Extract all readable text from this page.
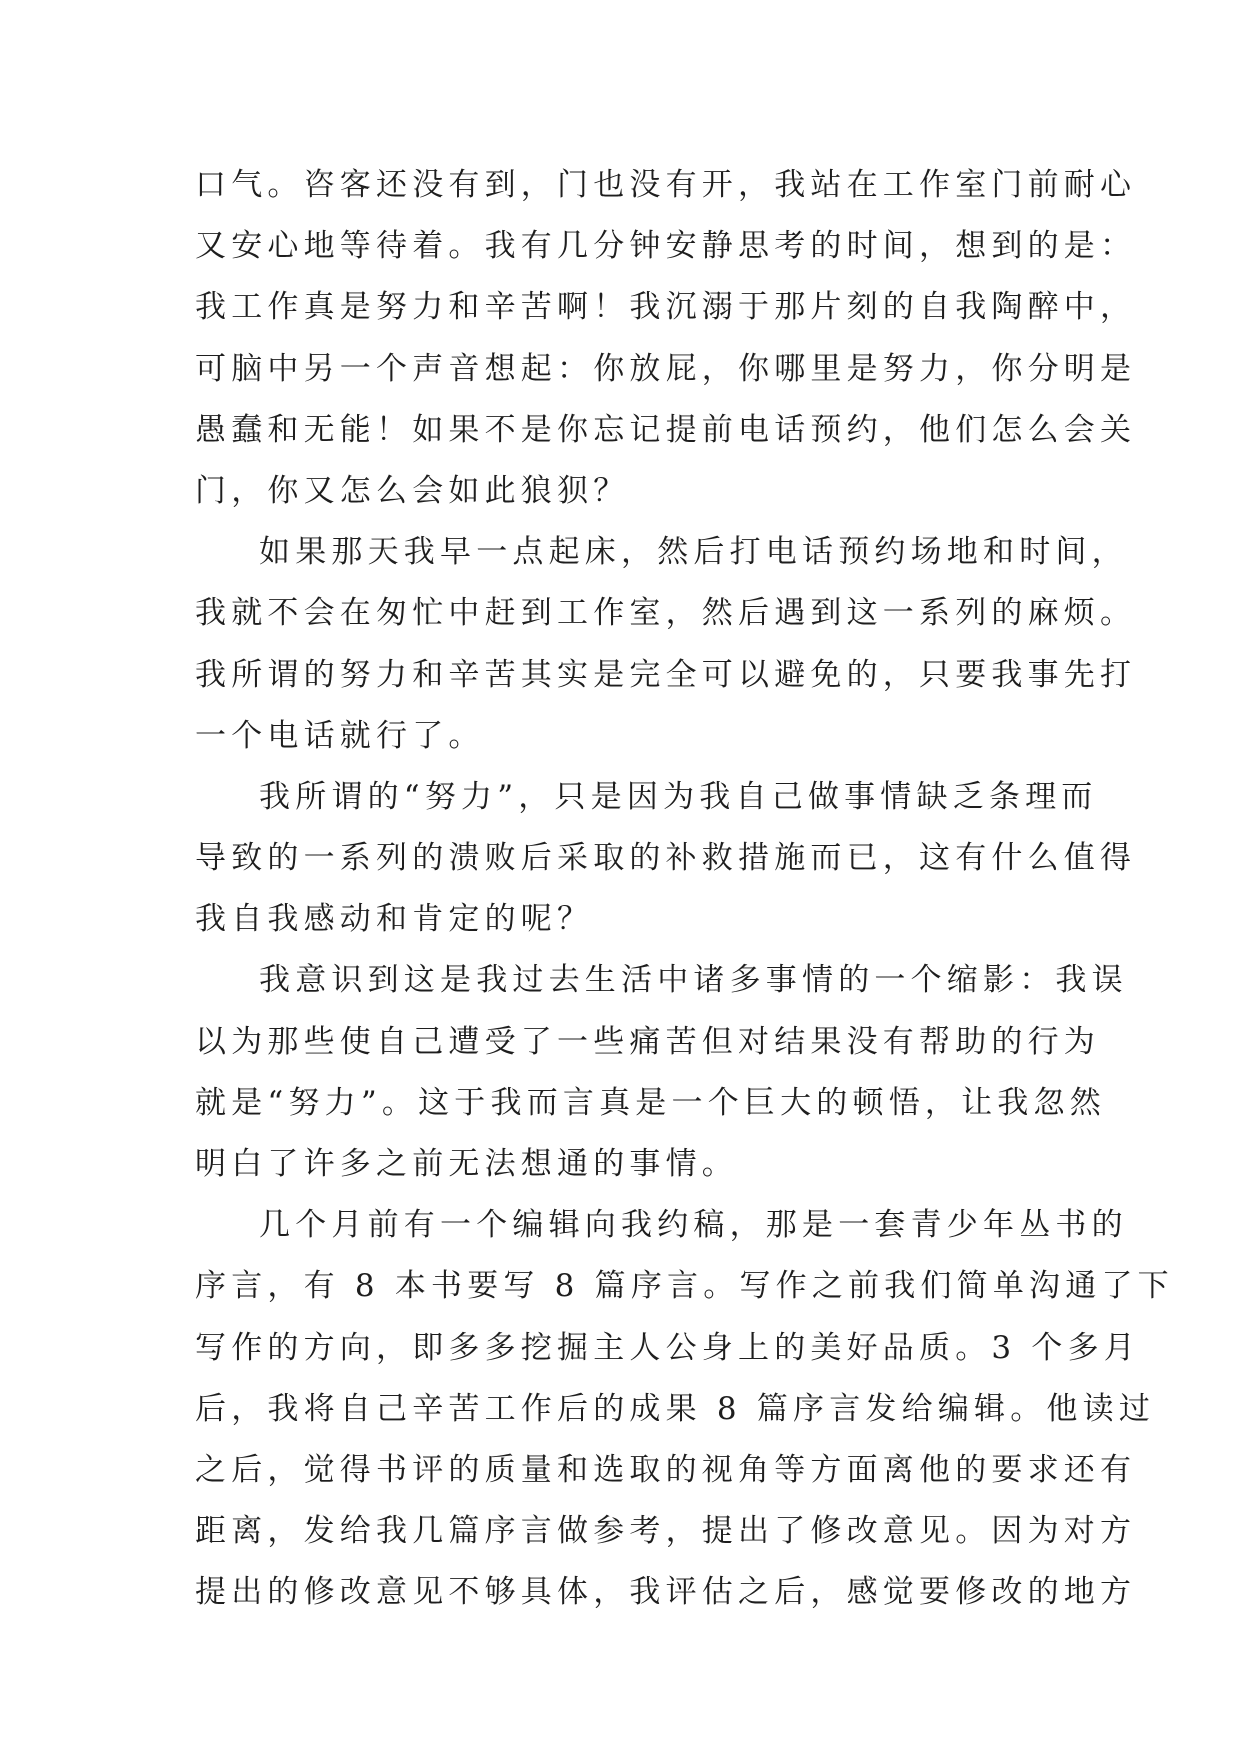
口气。咨客还没有到，门也没有开，我站在工作室门前耐心
又安心地等待着。我有几分钟安静思考的时间，想到的是：
我工作真是努力和辛苦啊！我沉溺于那片刻的自我陶醉中，
可脑中另一个声音想起：你放屁，你哪里是努力，你分明是
愚蠢和无能！如果不是你忘记提前电话预约，他们怎么会关
门，你又怎么会如此狼狈？
如果那天我早一点起床，然后打电话预约场地和时间，
我就不会在匆忙中赶到工作室，然后遇到这一系列的麻烦。
我所谓的努力和辛苦其实是完全可以避免的，只要我事先打
一个电话就行了。
我所谓的“努力”，只是因为我自己做事情缺乏条理而
导致的一系列的溃败后采取的补救措施而已，这有什么值得
我自我感动和肯定的呢？
我意识到这是我过去生活中诸多事情的一个缩影：我误
以为那些使自己遭受了一些痛苦但对结果没有帮助的行为
就是“努力”。这于我而言真是一个巨大的顿悟，让我忽然
明白了许多之前无法想通的事情。
几个月前有一个编辑向我约稿，那是一套青少年丛书的
序言，有 8 本书要写 8 篇序言。写作之前我们简单沟通了下
写作的方向，即多多挖掘主人公身上的美好品质。3 个多月
后，我将自己辛苦工作后的成果 8 篇序言发给编辑。他读过
之后，觉得书评的质量和选取的视角等方面离他的要求还有
距离，发给我几篇序言做参考，提出了修改意见。因为对方
提出的修改意见不够具体，我评估之后，感觉要修改的地方
